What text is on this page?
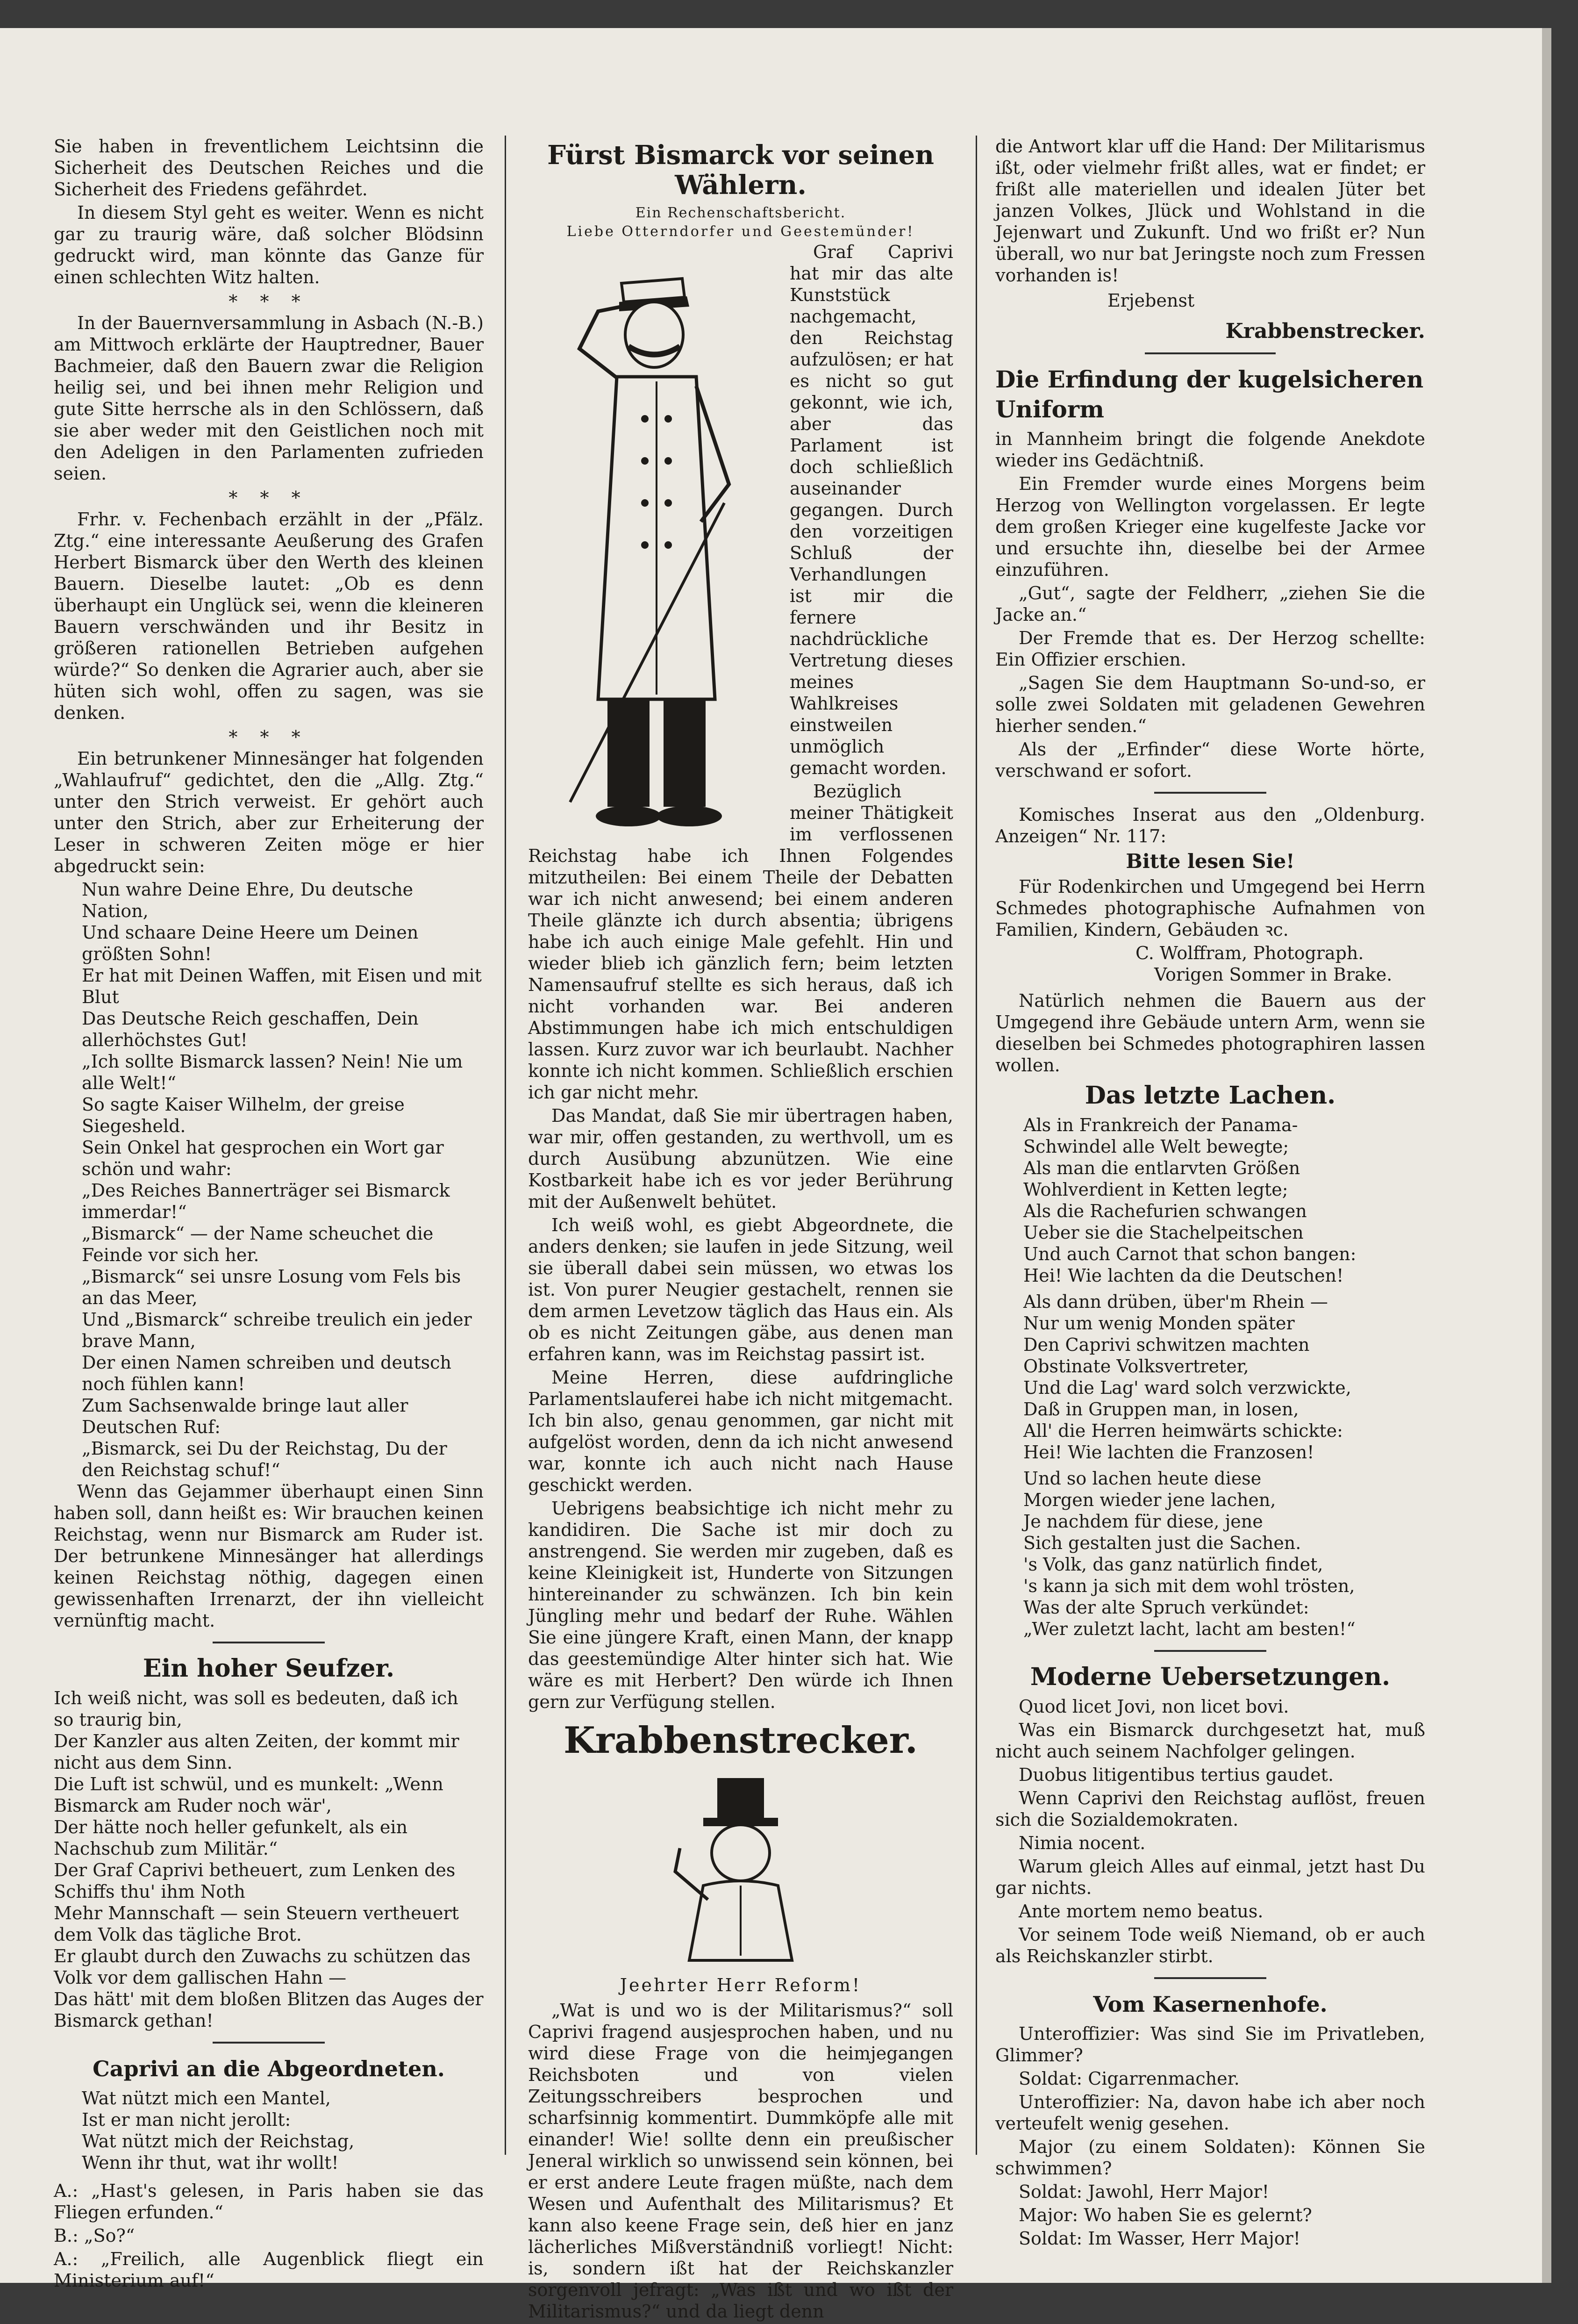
Sie haben in freventlichem Leichtsinn die Sicherheit des Deutschen Reiches und die Sicherheit des Friedens gefährdet.

In diesem Styl geht es weiter. Wenn es nicht gar zu traurig wäre, daß solcher Blödsinn gedruckt wird, man könnte das Ganze für einen schlechten Witz halten.

* * *

In der Bauernversammlung in Asbach (N.-B.) am Mittwoch erklärte der Hauptredner, Bauer Bachmeier, daß den Bauern zwar die Religion heilig sei, und bei ihnen mehr Religion und gute Sitte herrsche als in den Schlössern, daß sie aber weder mit den Geistlichen noch mit den Adeligen in den Parlamenten zufrieden seien.

* * *

Frhr. v. Fechenbach erzählt in der „Pfälz. Ztg.“ eine interessante Aeußerung des Grafen Herbert Bismarck über den Werth des kleinen Bauern. Dieselbe lautet: „Ob es denn überhaupt ein Unglück sei, wenn die kleineren Bauern verschwänden und ihr Besitz in größeren rationellen Betrieben aufgehen würde?“ So denken die Agrarier auch, aber sie hüten sich wohl, offen zu sagen, was sie denken.

* * *

Ein betrunkener Minnesänger hat folgenden „Wahlaufruf“ gedichtet, den die „Allg. Ztg.“ unter den Strich verweist. Er gehört auch unter den Strich, aber zur Erheiterung der Leser in schweren Zeiten möge er hier abgedruckt sein:

Nun wahre Deine Ehre, Du deutsche Nation,
Und schaare Deine Heere um Deinen größten Sohn!
Er hat mit Deinen Waffen, mit Eisen und mit Blut
Das Deutsche Reich geschaffen, Dein allerhöchstes Gut!
„Ich sollte Bismarck lassen? Nein! Nie um alle Welt!“
So sagte Kaiser Wilhelm, der greise Siegesheld.
Sein Onkel hat gesprochen ein Wort gar schön und wahr:
„Des Reiches Bannerträger sei Bismarck immerdar!“
„Bismarck“ — der Name scheuchet die Feinde vor sich her.
„Bismarck“ sei unsre Losung vom Fels bis an das Meer,
Und „Bismarck“ schreibe treulich ein jeder brave Mann,
Der einen Namen schreiben und deutsch noch fühlen kann!
Zum Sachsenwalde bringe laut aller Deutschen Ruf:
„Bismarck, sei Du der Reichstag, Du der den Reichstag schuf!“

Wenn das Gejammer überhaupt einen Sinn haben soll, dann heißt es: Wir brauchen keinen Reichstag, wenn nur Bismarck am Ruder ist. Der betrunkene Minnesänger hat allerdings keinen Reichstag nöthig, dagegen einen gewissenhaften Irrenarzt, der ihn vielleicht vernünftig macht.

Ein hoher Seufzer.
Ich weiß nicht, was soll es bedeuten, daß ich so traurig bin,
Der Kanzler aus alten Zeiten, der kommt mir nicht aus dem Sinn.
Die Luft ist schwül, und es munkelt: „Wenn Bismarck am Ruder noch wär',
Der hätte noch heller gefunkelt, als ein Nachschub zum Militär.“
Der Graf Caprivi betheuert, zum Lenken des Schiffs thu' ihm Noth
Mehr Mannschaft — sein Steuern vertheuert dem Volk das tägliche Brot.
Er glaubt durch den Zuwachs zu schützen das Volk vor dem gallischen Hahn —
Das hätt' mit dem bloßen Blitzen das Auges der Bismarck gethan!
Caprivi an die Abgeordneten.
Wat nützt mich een Mantel,
Ist er man nicht jerollt:
Wat nützt mich der Reichstag,
Wenn ihr thut, wat ihr wollt!

A.: „Hast's gelesen, in Paris haben sie das Fliegen erfunden.“

B.: „So?“

A.: „Freilich, alle Augenblick fliegt ein Ministerium auf!“

Fürst Bismarck vor seinen Wählern.
Ein Rechenschaftsbericht.
Liebe Otterndorfer und Geestemünder!

Graf Caprivi hat mir das alte Kunststück nachgemacht, den Reichstag aufzulösen; er hat es nicht so gut gekonnt, wie ich, aber das Parlament ist doch schließlich auseinander gegangen. Durch den vorzeitigen Schluß der Verhandlungen ist mir die fernere nachdrückliche Vertretung dieses meines Wahlkreises einstweilen unmöglich gemacht worden.

Bezüglich meiner Thätigkeit im verflossenen Reichstag habe ich Ihnen Folgendes mitzutheilen: Bei einem Theile der Debatten war ich nicht anwesend; bei einem anderen Theile glänzte ich durch absentia; übrigens habe ich auch einige Male gefehlt. Hin und wieder blieb ich gänzlich fern; beim letzten Namensaufruf stellte es sich heraus, daß ich nicht vorhanden war. Bei anderen Abstimmungen habe ich mich entschuldigen lassen. Kurz zuvor war ich beurlaubt. Nachher konnte ich nicht kommen. Schließlich erschien ich gar nicht mehr.

Das Mandat, daß Sie mir übertragen haben, war mir, offen gestanden, zu werthvoll, um es durch Ausübung abzunützen. Wie eine Kostbarkeit habe ich es vor jeder Berührung mit der Außenwelt behütet.

Ich weiß wohl, es giebt Abgeordnete, die anders denken; sie laufen in jede Sitzung, weil sie überall dabei sein müssen, wo etwas los ist. Von purer Neugier gestachelt, rennen sie dem armen Levetzow täglich das Haus ein. Als ob es nicht Zeitungen gäbe, aus denen man erfahren kann, was im Reichstag passirt ist.

Meine Herren, diese aufdringliche Parlamentslauferei habe ich nicht mitgemacht. Ich bin also, genau genommen, gar nicht mit aufgelöst worden, denn da ich nicht anwesend war, konnte ich auch nicht nach Hause geschickt werden.

Uebrigens beabsichtige ich nicht mehr zu kandidiren. Die Sache ist mir doch zu anstrengend. Sie werden mir zugeben, daß es keine Kleinigkeit ist, Hunderte von Sitzungen hintereinander zu schwänzen. Ich bin kein Jüngling mehr und bedarf der Ruhe. Wählen Sie eine jüngere Kraft, einen Mann, der knapp das geestemündige Alter hinter sich hat. Wie wäre es mit Herbert? Den würde ich Ihnen gern zur Verfügung stellen.

Krabbenstrecker.
Jeehrter Herr Reform!

„Wat is und wo is der Militarismus?“ soll Caprivi fragend ausjesprochen haben, und nu wird diese Frage von die heimjegangen Reichsboten und von vielen Zeitungsschreibers besprochen und scharfsinnig kommentirt. Dummköpfe alle mit einander! Wie! sollte denn ein preußischer Jeneral wirklich so unwissend sein können, bei er erst andere Leute fragen müßte, nach dem Wesen und Aufenthalt des Militarismus? Et kann also keene Frage sein, deß hier en janz lächerliches Mißverständniß vorliegt! Nicht: is, sondern ißt hat der Reichskanzler sorgenvoll jefragt: „Was ißt und wo ißt der Militarismus?“ und da liegt denn

die Antwort klar uff die Hand: Der Militarismus ißt, oder vielmehr frißt alles, wat er findet; er frißt alle materiellen und idealen Jüter bet janzen Volkes, Jlück und Wohlstand in die Jejenwart und Zukunft. Und wo frißt er? Nun überall, wo nur bat Jeringste noch zum Fressen vorhanden is!

Erjebenst
Krabbenstrecker.
Die Erfindung der kugelsicheren Uniform

in Mannheim bringt die folgende Anekdote wieder ins Gedächtniß.

Ein Fremder wurde eines Morgens beim Herzog von Wellington vorgelassen. Er legte dem großen Krieger eine kugelfeste Jacke vor und ersuchte ihn, dieselbe bei der Armee einzuführen.

„Gut“, sagte der Feldherr, „ziehen Sie die Jacke an.“

Der Fremde that es. Der Herzog schellte: Ein Offizier erschien.

„Sagen Sie dem Hauptmann So-und-so, er solle zwei Soldaten mit geladenen Gewehren hierher senden.“

Als der „Erfinder“ diese Worte hörte, verschwand er sofort.

Komisches Inserat aus den „Oldenburg. Anzeigen“ Nr. 117:

Bitte lesen Sie!

Für Rodenkirchen und Umgegend bei Herrn Schmedes photographische Aufnahmen von Familien, Kindern, Gebäuden ꝛc.

C. Wolffram, Photograph.
Vorigen Sommer in Brake.

Natürlich nehmen die Bauern aus der Umgegend ihre Gebäude untern Arm, wenn sie dieselben bei Schmedes photographiren lassen wollen.

Das letzte Lachen.
Als in Frankreich der Panama-
Schwindel alle Welt bewegte;
Als man die entlarvten Größen
Wohlverdient in Ketten legte;
Als die Rachefurien schwangen
Ueber sie die Stachelpeitschen
Und auch Carnot that schon bangen:
Hei! Wie lachten da die Deutschen!
Als dann drüben, über'm Rhein —
Nur um wenig Monden später
Den Caprivi schwitzen machten
Obstinate Volksvertreter,
Und die Lag' ward solch verzwickte,
Daß in Gruppen man, in losen,
All' die Herren heimwärts schickte:
Hei! Wie lachten die Franzosen!
Und so lachen heute diese
Morgen wieder jene lachen,
Je nachdem für diese, jene
Sich gestalten just die Sachen.
's Volk, das ganz natürlich findet,
's kann ja sich mit dem wohl trösten,
Was der alte Spruch verkündet:
„Wer zuletzt lacht, lacht am besten!“
Moderne Uebersetzungen.

Quod licet Jovi, non licet bovi.

Was ein Bismarck durchgesetzt hat, muß nicht auch seinem Nachfolger gelingen.

Duobus litigentibus tertius gaudet.

Wenn Caprivi den Reichstag auflöst, freuen sich die Sozialdemokraten.

Nimia nocent.

Warum gleich Alles auf einmal, jetzt hast Du gar nichts.

Ante mortem nemo beatus.

Vor seinem Tode weiß Niemand, ob er auch als Reichskanzler stirbt.

Vom Kasernenhofe.

Unteroffizier: Was sind Sie im Privatleben, Glimmer?

Soldat: Cigarrenmacher.

Unteroffizier: Na, davon habe ich aber noch verteufelt wenig gesehen.

Major (zu einem Soldaten): Können Sie schwimmen?

Soldat: Jawohl, Herr Major!

Major: Wo haben Sie es gelernt?

Soldat: Im Wasser, Herr Major!
